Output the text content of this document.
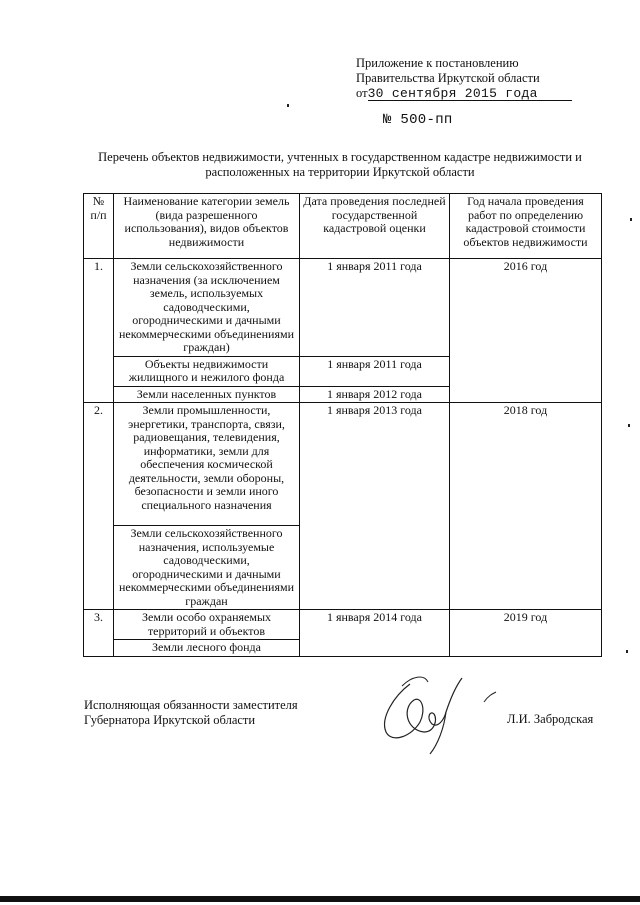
Приложение к постановлению
Правительства Иркутской области
от30 сентября 2015 года
№ 500-пп
Перечень объектов недвижимости, учтенных в государственном кадастре недвижимости и расположенных на территории Иркутской области
№ п/п	Наименование категории земель (вида разрешенного использования), видов объектов недвижимости	Дата проведения последней государственной кадастровой оценки	Год начала проведения работ по определению кадастровой стоимости объектов недвижимости
1.	Земли сельскохозяйственного назначения (за исключением земель, используемых садоводческими, огородническими и дачными некоммерческими объединениями граждан)	1 января 2011 года	2016 год
	Объекты недвижимости жилищного и нежилого фонда	1 января 2011 года	
	Земли населенных пунктов	1 января 2012 года	
2.	Земли промышленности, энергетики, транспорта, связи, радиовещания, телевидения, информатики, земли для обеспечения космической деятельности, земли обороны, безопасности и земли иного специального назначения	1 января 2013 года	2018 год
	Земли сельскохозяйственного назначения, используемые садоводческими, огородническими и дачными некоммерческими объединениями граждан		
3.	Земли особо охраняемых территорий и объектов	1 января 2014 года	2019 год
	Земли лесного фонда		
Исполняющая обязанности заместителя
Губернатора Иркутской области	Л.И. Забродская
